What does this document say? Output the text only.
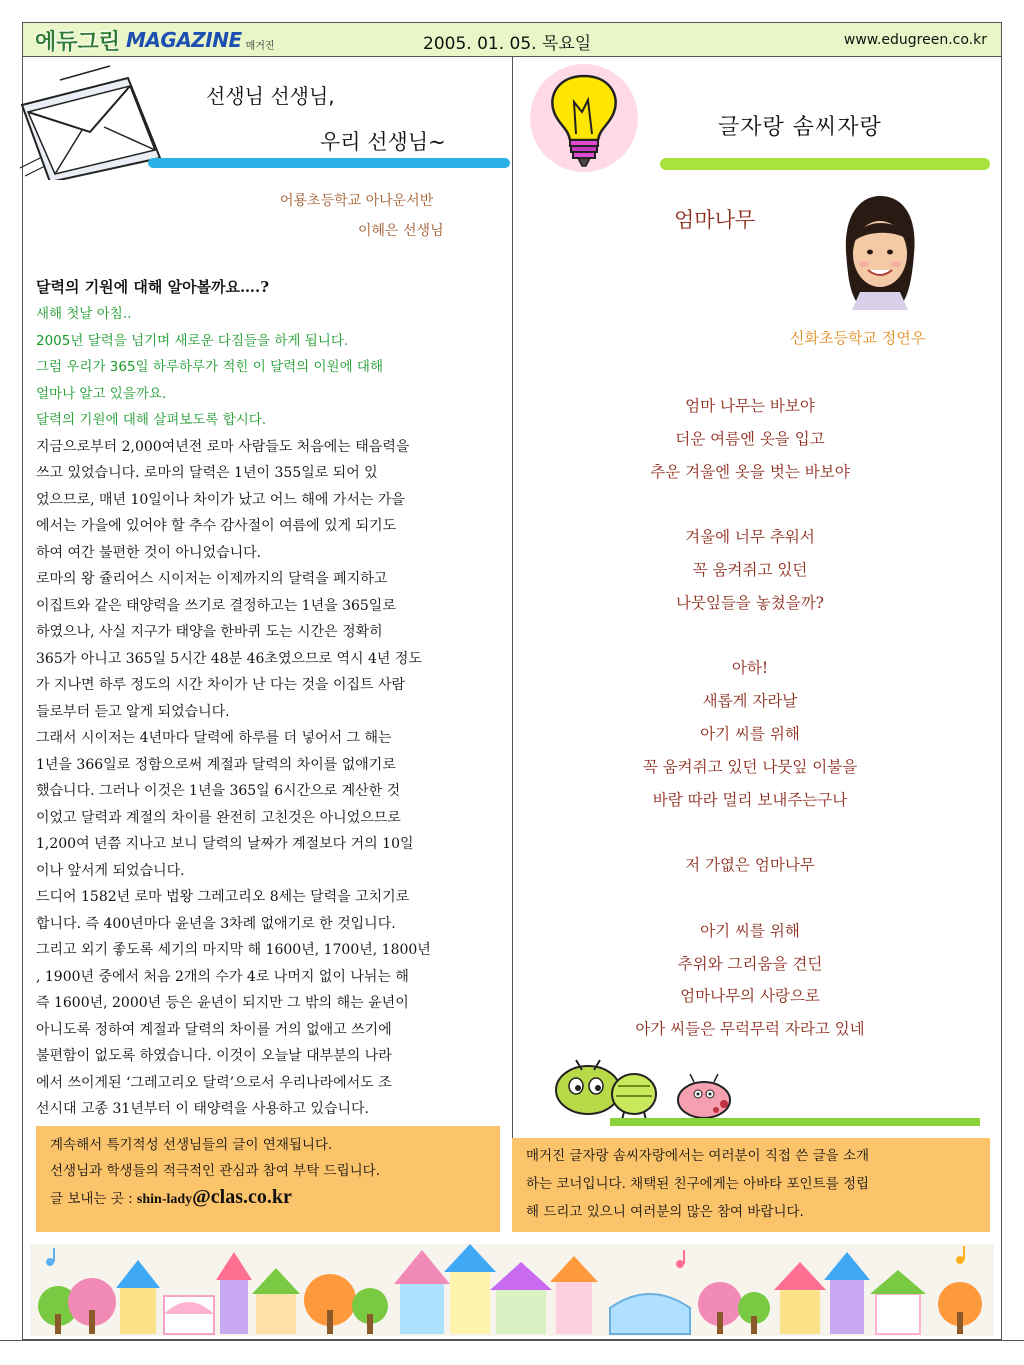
에듀그린 MAGAZINE 매거진	2005. 01. 05. 목요일	www.edugreen.co.kr
선생님 선생님,
우리 선생님~
어룡초등학교 아나운서반
이혜은 선생님
달력의 기원에 대해 알아볼까요….?
새해 첫날 아침..
2005년 달력을 넘기며 새로운 다짐들을 하게 됩니다.
그럼 우리가 365일 하루하루가 적힌 이 달력의 이원에 대해
얼마나 알고 있을까요.
달력의 기원에 대해 살펴보도록 합시다.
지금으로부터 2,000여년전 로마 사람들도 처음에는 태음력을
쓰고 있었습니다. 로마의 달력은 1년이 355일로 되어 있
었으므로, 매년 10일이나 차이가 났고 어느 해에 가서는 가을
에서는 가을에 있어야 할 추수 감사절이 여름에 있게 되기도
하여 여간 불편한 것이 아니었습니다.
로마의 왕 쥴리어스 시이저는 이제까지의 달력을 폐지하고
이집트와 같은 태양력을 쓰기로 결정하고는 1년을 365일로
하였으나, 사실 지구가 태양을 한바퀴 도는 시간은 정확히
365가 아니고 365일 5시간 48분 46초였으므로 역시 4년 정도
가 지나면 하루 정도의 시간 차이가 난 다는 것을 이집트 사람
들로부터 듣고 알게 되었습니다.
그래서 시이저는 4년마다 달력에 하루를 더 넣어서 그 해는
1년을 366일로 정함으로써 계절과 달력의 차이를 없애기로
했습니다. 그러나 이것은 1년을 365일 6시간으로 계산한 것
이었고 달력과 계절의 차이를 완전히 고친것은 아니었으므로
1,200여 년쯤 지나고 보니 달력의 날짜가 계절보다 거의 10일
이나 앞서게 되었습니다.
드디어 1582년 로마 법왕 그레고리오 8세는 달력을 고치기로
합니다. 즉 400년마다 윤년을 3차례 없애기로 한 것입니다.
그리고 외기 좋도록 세기의 마지막 해 1600년, 1700년, 1800년
, 1900년 중에서 처음 2개의 수가 4로 나머지 없이 나뉘는 해
즉 1600년, 2000년 등은 윤년이 되지만 그 밖의 해는 윤년이
아니도록 정하여 계절과 달력의 차이를 거의 없애고 쓰기에
불편함이 없도록 하였습니다. 이것이 오늘날 대부분의 나라
에서 쓰이게된 ‘그레고리오 달력’으로서 우리나라에서도 조
선시대 고종 31년부터 이 태양력을 사용하고 있습니다.
계속해서 특기적성 선생님들의 글이 연재됩니다.
선생님과 학생들의 적극적인 관심과 참여 부탁 드립니다.
글 보내는 곳 : shin-lady@clas.co.kr
글자랑 솜씨자랑
엄마나무
신화초등학교 정연우
엄마 나무는 바보야
더운 여름엔 옷을 입고
추운 겨울엔 옷을 벗는 바보야
겨울에 너무 추워서
꼭 움켜쥐고 있던
나뭇잎들을 놓쳤을까?
아하!
새롭게 자라날
아기 씨를 위해
꼭 움켜쥐고 있던 나뭇잎 이불을
바람 따라 멀리 보내주는구나
저 가엾은 엄마나무
아기 씨를 위해
추위와 그리움을 견딘
엄마나무의 사랑으로
아가 씨들은 무럭무럭 자라고 있네
매거진 글자랑 솜씨자랑에서는 여러분이 직접 쓴 글을 소개
하는 코너입니다. 채택된 친구에게는 아바타 포인트를 정립
해 드리고 있으니 여러분의 많은 참여 바랍니다.
